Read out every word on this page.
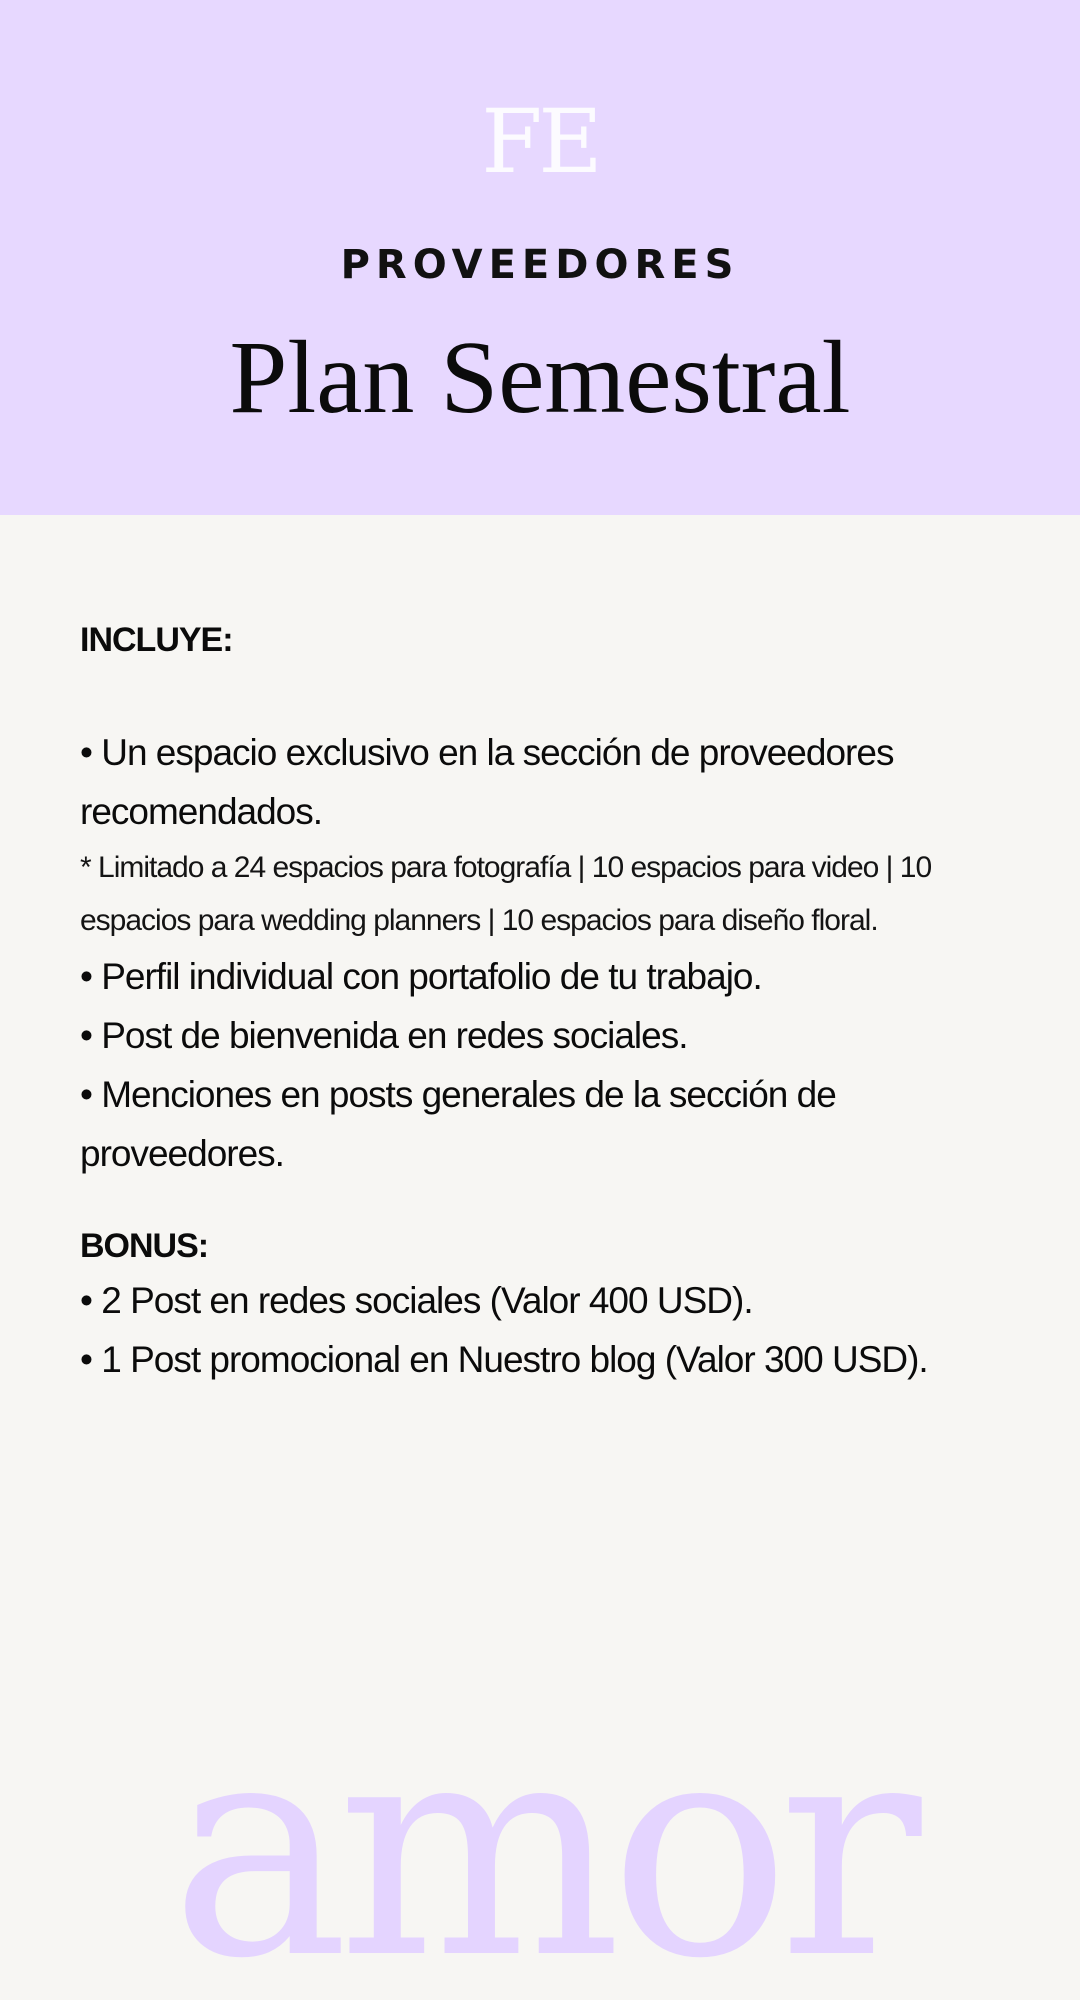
FE
PROVEEDORES
Plan Semestral

INCLUYE:

• Un espacio exclusivo en la sección de proveedores recomendados.
* Limitado a 24 espacios para fotografía | 10 espacios para video | 10 espacios para wedding planners | 10 espacios para diseño floral.
• Perfil individual con portafolio de tu trabajo.
• Post de bienvenida en redes sociales.
• Menciones en posts generales de la sección de proveedores.

BONUS:

• 2 Post en redes sociales (Valor 400 USD).
• 1 Post promocional en Nuestro blog (Valor 300 USD).
amor
